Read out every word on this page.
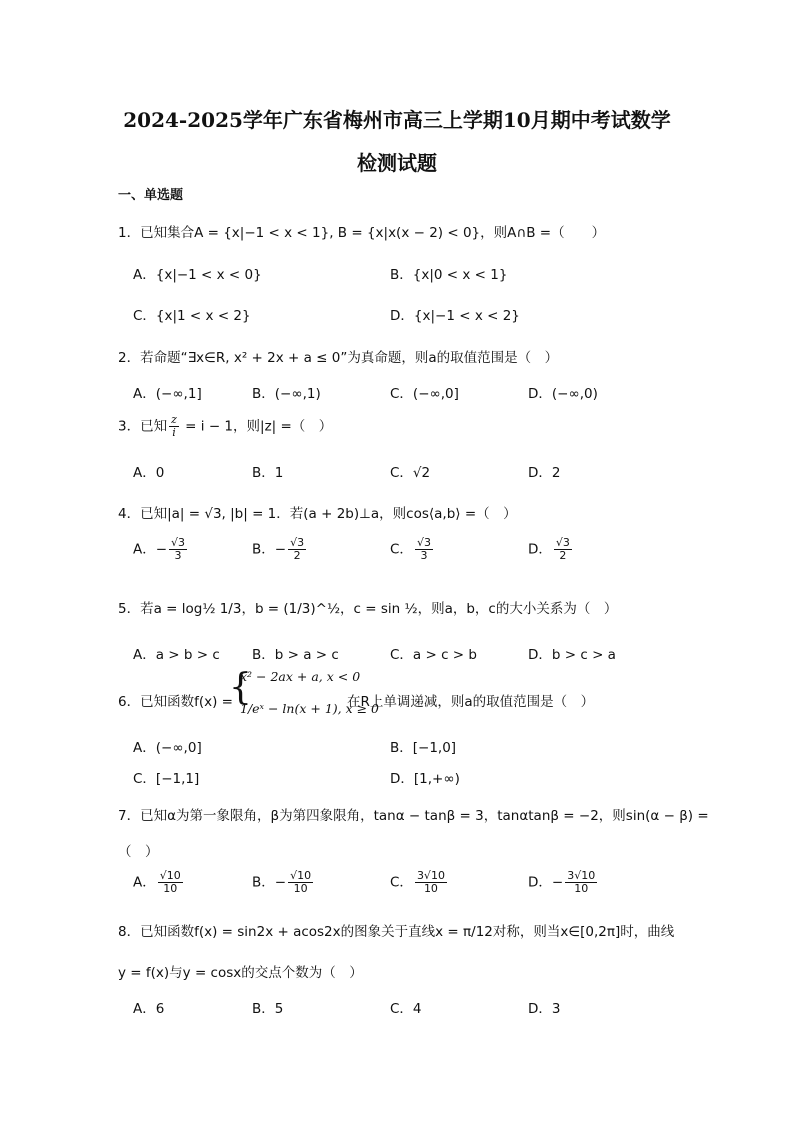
2024-2025学年广东省梅州市高三上学期10月期中考试数学
检测试题
一、单选题
1．已知集合A = {x|−1 < x < 1}, B = {x|x(x − 2) < 0}，则A∩B =（　　）
A．{x|−1 < x < 0}	B．{x|0 < x < 1}
C．{x|1 < x < 2}	D．{x|−1 < x < 2}
2．若命题“∃x∈R, x² + 2x + a ≤ 0”为真命题，则a的取值范围是（　）
A．(−∞,1]	B．(−∞,1)	C．(−∞,0]	D．(−∞,0)
3．已知 $\frac{z}{i} = i - 1$，则|z| =（　）
A．0	B．1	C．√2	D．2
4．已知|a| = √3, |b| = 1．若(a + 2b)⊥a，则cos⟨a,b⟩ =（　）
A．− $\frac{√3}{3}$	B．− $\frac{√3}{2}$	C． $\frac{√3}{3}$	D． $\frac{√3}{2}$
5．若a = log½ 1/3，b = (1/3)^½，c = sin ½，则a，b，c的大小关系为（　）
A．a > b > c B．b > a > c	C．a > c > b	D．b > c > a
6．已知函数f(x) =
{
x² − 2ax + a, x < 0
1/eˣ − ln(x + 1), x ≥ 0
在R上单调递减，则a的取值范围是（　）
A．(−∞,0]	B．[−1,0]
C．[−1,1]	D．[1,+∞)
7．已知α为第一象限角，β为第四象限角，tanα − tanβ = 3，tanαtanβ = −2，则sin(α − β) =
（　）
A． $\frac{√10}{10}$	B．− $\frac{√10}{10}$	C． $\frac{3√10}{10}$	D．− $\frac{3√10}{10}$
8．已知函数f(x) = sin2x + acos2x的图象关于直线x = π/12对称，则当x∈[0,2π]时，曲线
y = f(x)与y = cosx的交点个数为（　）
A．6	B．5	C．4	D．3
